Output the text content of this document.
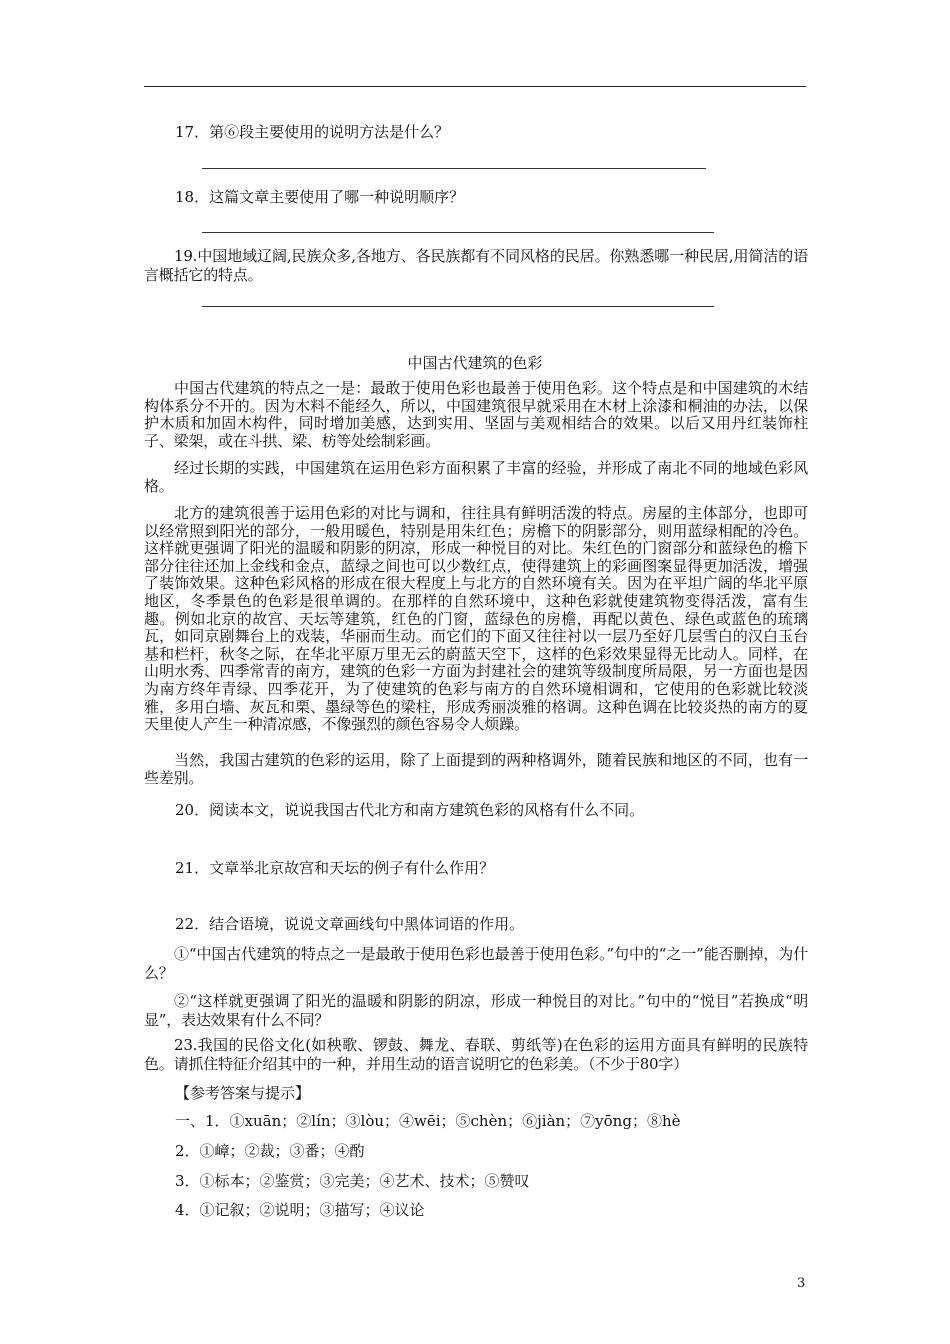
17．第⑥段主要使用的说明方法是什么？

18．这篇文章主要使用了哪一种说明顺序？

19.中国地域辽阔,民族众多,各地方、各民族都有不同风格的民居。你熟悉哪一种民居,用简洁的语言概括它的特点。

中国古代建筑的色彩

中国古代建筑的特点之一是：最敢于使用色彩也最善于使用色彩。这个特点是和中国建筑的木结构体系分不开的。因为木料不能经久，所以，中国建筑很早就采用在木材上涂漆和桐油的办法，以保护木质和加固木构件，同时增加美感，达到实用、坚固与美观相结合的效果。以后又用丹红装饰柱子、梁架，或在斗拱、梁、枋等处绘制彩画。

经过长期的实践，中国建筑在运用色彩方面积累了丰富的经验，并形成了南北不同的地域色彩风格。

北方的建筑很善于运用色彩的对比与调和，往往具有鲜明活泼的特点。房屋的主体部分，也即可以经常照到阳光的部分，一般用暖色，特别是用朱红色；房檐下的阴影部分，则用蓝绿相配的冷色。这样就更强调了阳光的温暖和阴影的阴凉，形成一种悦目的对比。朱红色的门窗部分和蓝绿色的檐下部分往往还加上金线和金点，蓝绿之间也可以少数红点，使得建筑上的彩画图案显得更加活泼，增强了装饰效果。这种色彩风格的形成在很大程度上与北方的自然环境有关。因为在平坦广阔的华北平原地区，冬季景色的色彩是很单调的。在那样的自然环境中，这种色彩就使建筑物变得活泼，富有生趣。例如北京的故宫、天坛等建筑，红色的门窗，蓝绿色的房檐，再配以黄色、绿色或蓝色的琉璃瓦，如同京剧舞台上的戏装，华丽而生动。而它们的下面又往往衬以一层乃至好几层雪白的汉白玉台基和栏杆，秋冬之际，在华北平原万里无云的蔚蓝天空下，这样的色彩效果显得无比动人。同样，在山明水秀、四季常青的南方，建筑的色彩一方面为封建社会的建筑等级制度所局限，另一方面也是因为南方终年青绿、四季花开，为了使建筑的色彩与南方的自然环境相调和，它使用的色彩就比较淡雅，多用白墙、灰瓦和栗、墨绿等色的梁柱，形成秀丽淡雅的格调。这种色调在比较炎热的南方的夏天里使人产生一种清凉感，不像强烈的颜色容易令人烦躁。

当然，我国古建筑的色彩的运用，除了上面提到的两种格调外，随着民族和地区的不同，也有一些差别。

20．阅读本文，说说我国古代北方和南方建筑色彩的风格有什么不同。

21．文章举北京故宫和天坛的例子有什么作用？

22．结合语境，说说文章画线句中黑体词语的作用。

①“中国古代建筑的特点之一是最敢于使用色彩也最善于使用色彩。”句中的“之一”能否删掉，为什么？

②“这样就更强调了阳光的温暖和阴影的阴凉，形成一种悦目的对比。”句中的“悦目”若换成“明显”，表达效果有什么不同？

23.我国的民俗文化(如秧歌、锣鼓、舞龙、春联、剪纸等)在色彩的运用方面具有鲜明的民族特色。请抓住特征介绍其中的一种，并用生动的语言说明它的色彩美。（不少于80字）

【参考答案与提示】

一、1．①xuān；②lín；③lòu；④wēi；⑤chèn；⑥jiàn；⑦yōng；⑧hè

2．①嶂；②裁；③番；④酌

3．①标本；②鉴赏；③完美；④艺术、技术；⑤赞叹

4．①记叙；②说明；③描写；④议论

3
